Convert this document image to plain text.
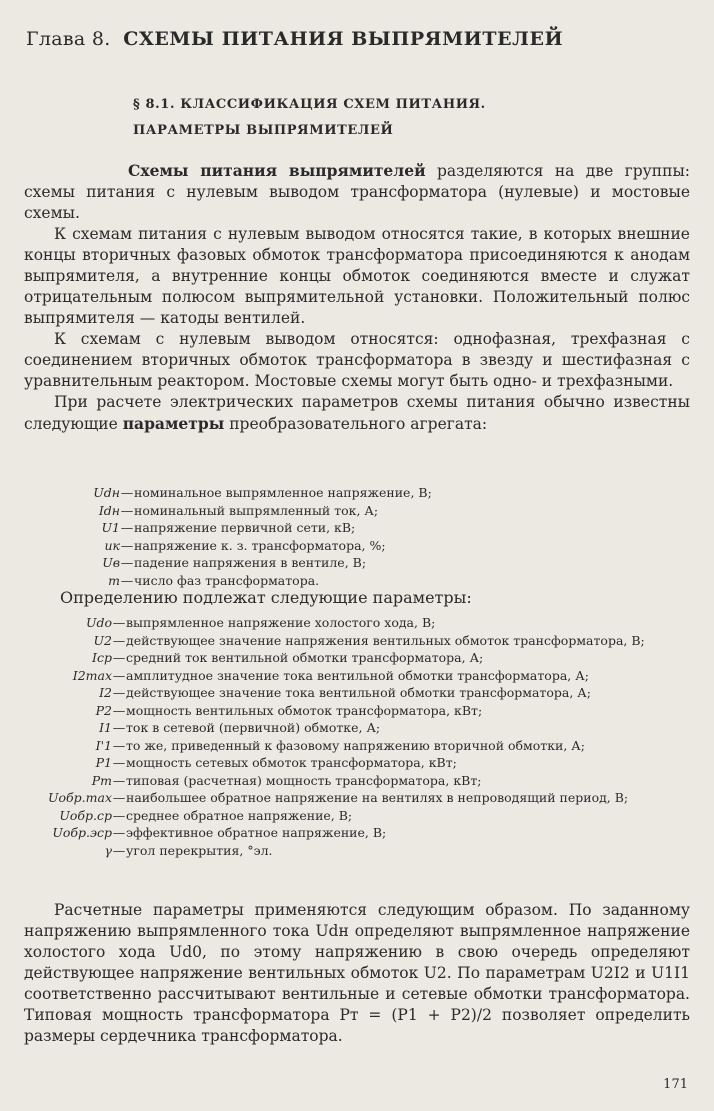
Глава 8. СХЕМЫ ПИТАНИЯ ВЫПРЯМИТЕЛЕЙ
§ 8.1. КЛАССИФИКАЦИЯ СХЕМ ПИТАНИЯ.
ПАРАМЕТРЫ ВЫПРЯМИТЕЛЕЙ

Схемы питания выпрямителей разделяются на две группы: схемы питания с нулевым выводом трансформатора (нулевые) и мостовые схемы.

К схемам питания с нулевым выводом относятся такие, в которых внешние концы вторичных фазовых обмоток трансформатора присоединяются к анодам выпрямителя, а внутренние концы обмоток соединяются вместе и служат отрицательным полюсом выпрямительной установки. Положительный полюс выпрямителя — катоды вентилей.

К схемам с нулевым выводом относятся: однофазная, трехфазная с соединением вторичных обмоток трансформатора в звезду и шестифазная с уравнительным реактором. Мостовые схемы могут быть одно- и трехфазными.

При расчете электрических параметров схемы питания обычно известны следующие параметры преобразовательного агрегата:

Udн — номинальное выпрямленное напряжение, В;
Idн — номинальный выпрямленный ток, А;
U1 — напряжение первичной сети, кВ;
uк — напряжение к. з. трансформатора, %;
Uв — падение напряжения в вентиле, В;
m — число фаз трансформатора.
Определению подлежат следующие параметры:
Udo — выпрямленное напряжение холостого хода, В;
U2 — действующее значение напряжения вентильных обмоток трансформатора, В;
Iср — средний ток вентильной обмотки трансформатора, А;
I2max — амплитудное значение тока вентильной обмотки трансформатора, А;
I2 — действующее значение тока вентильной обмотки трансформатора, А;
P2 — мощность вентильных обмоток трансформатора, кВт;
I1 — ток в сетевой (первичной) обмотке, А;
I'1 — то же, приведенный к фазовому напряжению вторичной обмотки, А;
P1 — мощность сетевых обмоток трансформатора, кВт;
Pт — типовая (расчетная) мощность трансформатора, кВт;
Uобр.max — наибольшее обратное напряжение на вентилях в непроводящий период, В;
Uобр.ср — среднее обратное напряжение, В;
Uобр.эср — эффективное обратное напряжение, В;
γ — угол перекрытия, °эл.

Расчетные параметры применяются следующим образом. По заданному напряжению выпрямленного тока Udн определяют выпрямленное напряжение холостого хода Ud0, по этому напряжению в свою очередь определяют действующее напряжение вентильных обмоток U2. По параметрам U2I2 и U1I1 соответственно рассчитывают вентильные и сетевые обмотки трансформатора. Типовая мощность трансформатора Pт = (P1 + P2)/2 позволяет определить размеры сердечника трансформатора.

171
